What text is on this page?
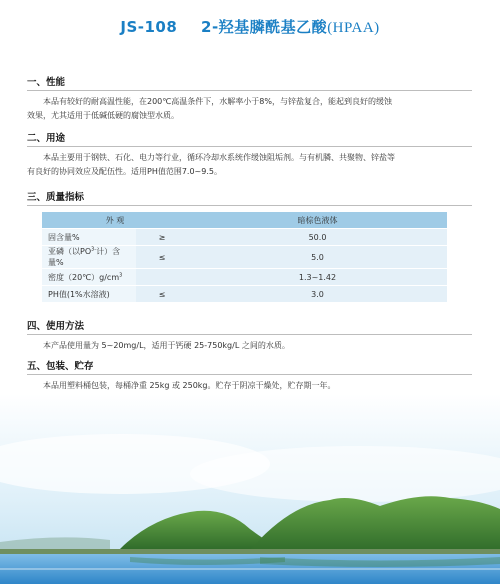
JS-108 2-羟基膦酰基乙酸(HPAA)
一、性能
本品有较好的耐高温性能，在200℃高温条件下，水解率小于8%，与锌盐复合，能起到良好的缓蚀
效果，尤其适用于低碱低硬的腐蚀型水质。
二、用途
本品主要用于钢铁、石化、电力等行业，循环冷却水系统作缓蚀阻垢剂。与有机膦、共聚物、锌盐等
有良好的协同效应及配伍性。适用PH值范围7.0~9.5。
三、质量指标
外 观		暗棕色液体
固含量%	≥	50.0
亚磷（以$PO^{3-}$计）含量%	≤	5.0
密度$(20℃)g/cm^3$		1.3~1.42
PH值(1%水溶液)	≤	3.0
四、使用方法
本产品使用量为 5~20mg/L，适用于钙硬 25-750kg/L 之间的水质。
五、包装、贮存
本品用塑料桶包装，每桶净重 25kg 或 250kg。贮存于阴凉干燥处，贮存期一年。
